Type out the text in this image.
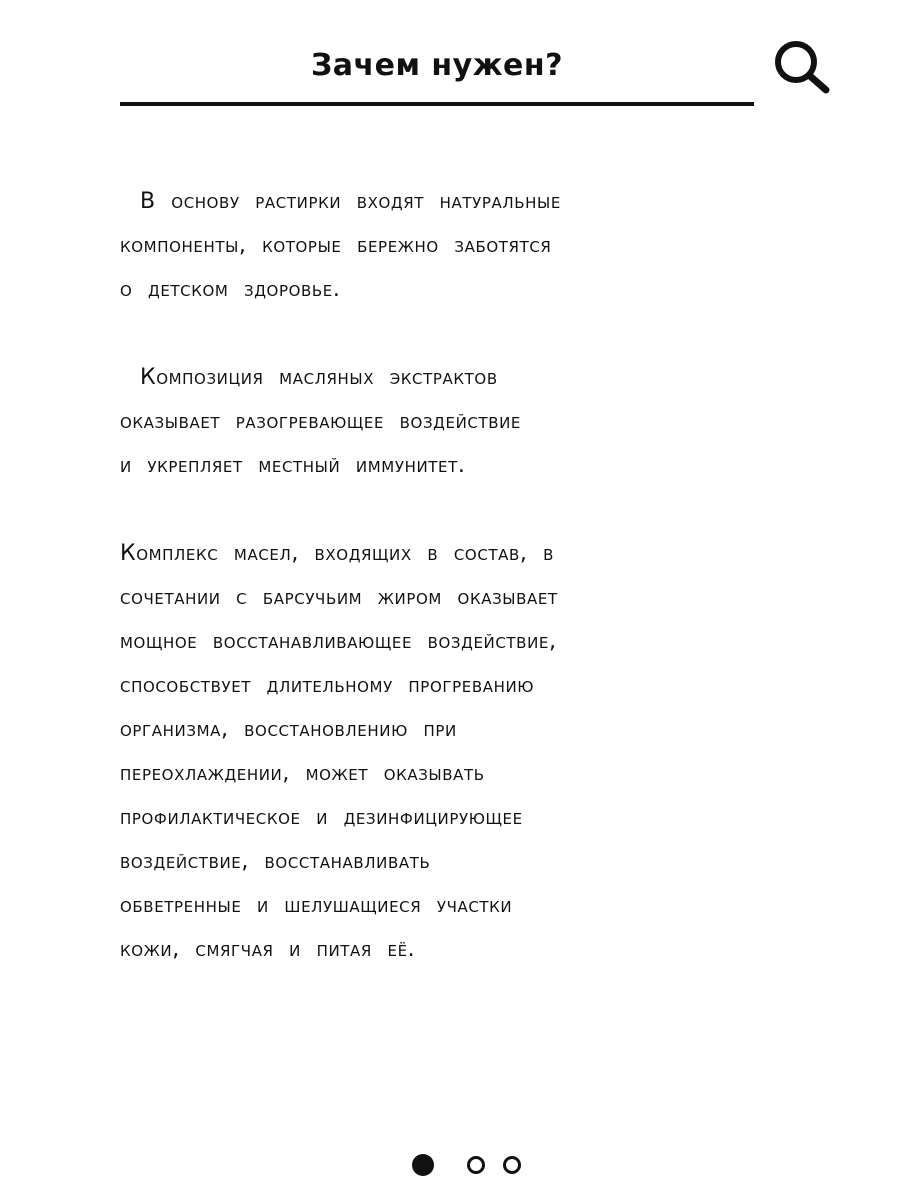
Зачем нужен?
В основу растирки входят натуральные
компоненты, которые бережно заботятся
о детском здоровье.
Композиция масляных экстрактов
оказывает разогревающее воздействие
и укрепляет местный иммунитет.
Комплекс масел, входящих в состав, в
сочетании с барсучьим жиром оказывает
мощное восстанавливающее воздействие,
способствует длительному прогреванию
организма, восстановлению при
переохлаждении, может оказывать
профилактическое и дезинфицирующее
воздействие, восстанавливать
обветренные и шелушащиеся участки
кожи, смягчая и питая её.
